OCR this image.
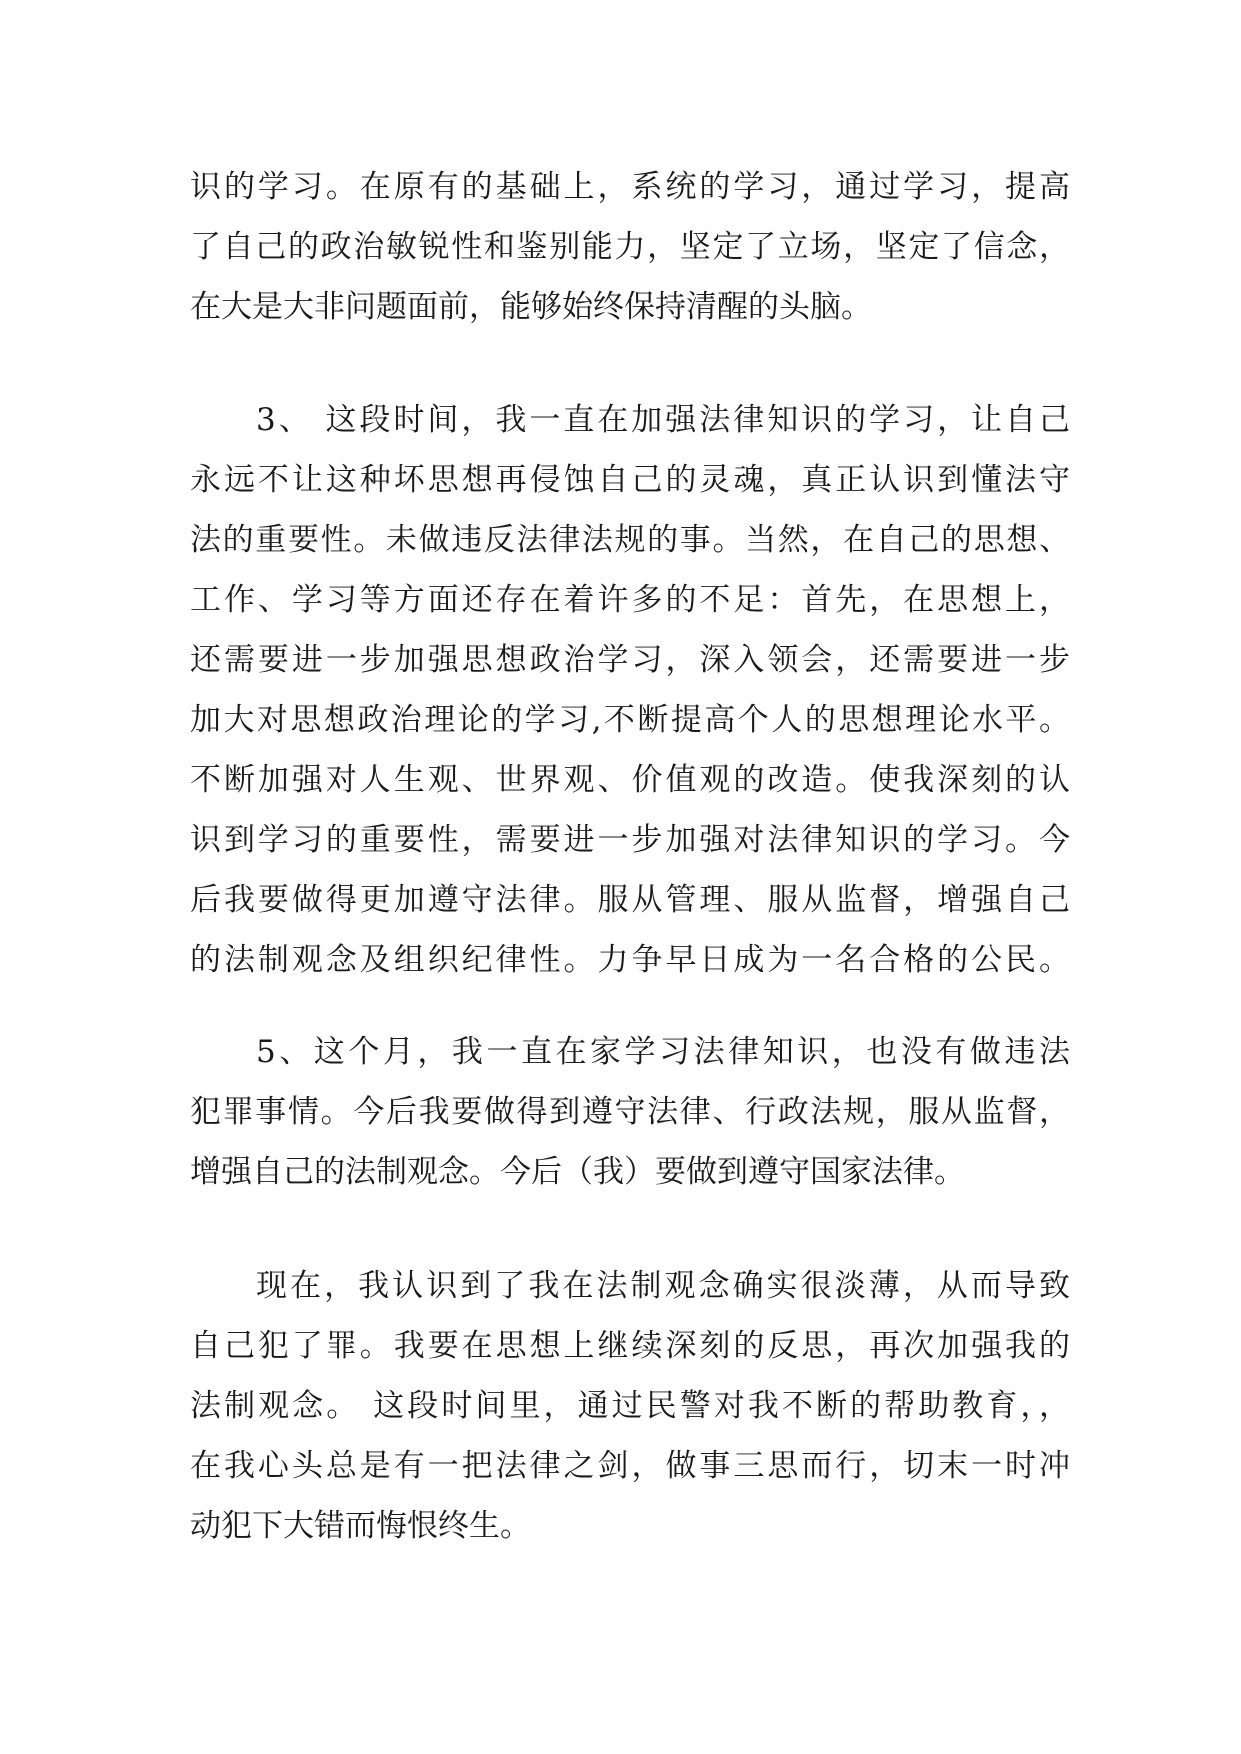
识的学习。在原有的基础上，系统的学习，通过学习，提高
了自己的政治敏锐性和鉴别能力，坚定了立场，坚定了信念，
在大是大非问题面前，能够始终保持清醒的头脑。
3、 这段时间，我一直在加强法律知识的学习，让自己
永远不让这种坏思想再侵蚀自己的灵魂，真正认识到懂法守
法的重要性。未做违反法律法规的事。当然，在自己的思想、
工作、学习等方面还存在着许多的不足：首先，在思想上，
还需要进一步加强思想政治学习，深入领会，还需要进一步
加大对思想政治理论的学习,不断提高个人的思想理论水平。
不断加强对人生观、世界观、价值观的改造。使我深刻的认
识到学习的重要性，需要进一步加强对法律知识的学习。今
后我要做得更加遵守法律。服从管理、服从监督，增强自己
的法制观念及组织纪律性。力争早日成为一名合格的公民。
5、这个月，我一直在家学习法律知识，也没有做违法
犯罪事情。今后我要做得到遵守法律、行政法规，服从监督，
增强自己的法制观念。今后（我）要做到遵守国家法律。
现在，我认识到了我在法制观念确实很淡薄，从而导致
自己犯了罪。我要在思想上继续深刻的反思，再次加强我的
法制观念。 这段时间里，通过民警对我不断的帮助教育，，
在我心头总是有一把法律之剑，做事三思而行，切末一时冲
动犯下大错而悔恨终生。
